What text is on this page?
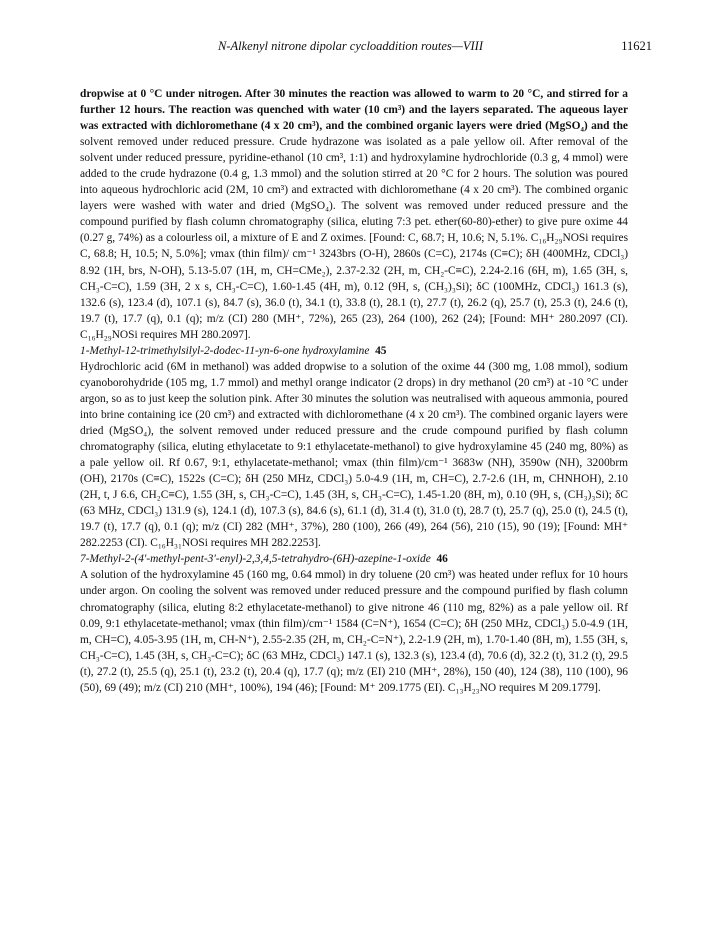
N-Alkenyl nitrone dipolar cycloaddition routes—VIII	11621

dropwise at 0 °C under nitrogen. After 30 minutes the reaction was allowed to warm to 20 °C, and stirred for a further 12 hours. The reaction was quenched with water (10 cm³) and the layers separated. The aqueous layer was extracted with dichloromethane (4 x 20 cm³), and the combined organic layers were dried (MgSO₄) and the solvent removed under reduced pressure. Crude hydrazone was isolated as a pale yellow oil. After removal of the solvent under reduced pressure, pyridine-ethanol (10 cm³, 1:1) and hydroxylamine hydrochloride (0.3 g, 4 mmol) were added to the crude hydrazone (0.4 g, 1.3 mmol) and the solution stirred at 20 °C for 2 hours. The solution was poured into aqueous hydrochloric acid (2M, 10 cm³) and extracted with dichloromethane (4 x 20 cm³). The combined organic layers were washed with water and dried (MgSO₄). The solvent was removed under reduced pressure and the compound purified by flash column chromatography (silica, eluting 7:3 pet. ether(60-80)-ether) to give pure oxime 44 (0.27 g, 74%) as a colourless oil, a mixture of E and Z oximes. [Found: C, 68.7; H, 10.6; N, 5.1%. C₁₆H₂₉NOSi requires C, 68.8; H, 10.5; N, 5.0%]; νmax (thin film)/ cm⁻¹ 3243brs (O-H), 2860s (C=C), 2174s (C≡C); δH (400MHz, CDCl₃) 8.92 (1H, brs, N-OH), 5.13-5.07 (1H, m, CH=CMe₂), 2.37-2.32 (2H, m, CH₂-C≡C), 2.24-2.16 (6H, m), 1.65 (3H, s, CH₃-C=C), 1.59 (3H, 2 x s, CH₃-C=C), 1.60-1.45 (4H, m), 0.12 (9H, s, (CH₃)₃Si); δC (100MHz, CDCl₃) 161.3 (s), 132.6 (s), 123.4 (d), 107.1 (s), 84.7 (s), 36.0 (t), 34.1 (t), 33.8 (t), 28.1 (t), 27.7 (t), 26.2 (q), 25.7 (t), 25.3 (t), 24.6 (t), 19.7 (t), 17.7 (q), 0.1 (q); m/z (CI) 280 (MH⁺, 72%), 265 (23), 264 (100), 262 (24); [Found: MH⁺ 280.2097 (CI). C₁₆H₂₉NOSi requires MH 280.2097].

1-Methyl-12-trimethylsilyl-2-dodec-11-yn-6-one hydroxylamine 45

Hydrochloric acid (6M in methanol) was added dropwise to a solution of the oxime 44 (300 mg, 1.08 mmol), sodium cyanoborohydride (105 mg, 1.7 mmol) and methyl orange indicator (2 drops) in dry methanol (20 cm³) at -10 °C under argon, so as to just keep the solution pink. After 30 minutes the solution was neutralised with aqueous ammonia, poured into brine containing ice (20 cm³) and extracted with dichloromethane (4 x 20 cm³). The combined organic layers were dried (MgSO₄), the solvent removed under reduced pressure and the crude compound purified by flash column chromatography (silica, eluting ethylacetate to 9:1 ethylacetate-methanol) to give hydroxylamine 45 (240 mg, 80%) as a pale yellow oil. Rf 0.67, 9:1, ethylacetate-methanol; νmax (thin film)/cm⁻¹ 3683w (NH), 3590w (NH), 3200brm (OH), 2170s (C≡C), 1522s (C=C); δH (250 MHz, CDCl₃) 5.0-4.9 (1H, m, CH=C), 2.7-2.6 (1H, m, CHNHOH), 2.10 (2H, t, J 6.6, CH₂C≡C), 1.55 (3H, s, CH₃-C=C), 1.45 (3H, s, CH₃-C=C), 1.45-1.20 (8H, m), 0.10 (9H, s, (CH₃)₃Si); δC (63 MHz, CDCl₃) 131.9 (s), 124.1 (d), 107.3 (s), 84.6 (s), 61.1 (d), 31.4 (t), 31.0 (t), 28.7 (t), 25.7 (q), 25.0 (t), 24.5 (t), 19.7 (t), 17.7 (q), 0.1 (q); m/z (CI) 282 (MH⁺, 37%), 280 (100), 266 (49), 264 (56), 210 (15), 90 (19); [Found: MH⁺ 282.2253 (CI). C₁₆H₃₁NOSi requires MH 282.2253].

7-Methyl-2-(4'-methyl-pent-3'-enyl)-2,3,4,5-tetrahydro-(6H)-azepine-1-oxide 46

A solution of the hydroxylamine 45 (160 mg, 0.64 mmol) in dry toluene (20 cm³) was heated under reflux for 10 hours under argon. On cooling the solvent was removed under reduced pressure and the compound purified by flash column chromatography (silica, eluting 8:2 ethylacetate-methanol) to give nitrone 46 (110 mg, 82%) as a pale yellow oil. Rf 0.09, 9:1 ethylacetate-methanol; νmax (thin film)/cm⁻¹ 1584 (C=N⁺), 1654 (C=C); δH (250 MHz, CDCl₃) 5.0-4.9 (1H, m, CH=C), 4.05-3.95 (1H, m, CH-N⁺), 2.55-2.35 (2H, m, CH₂-C=N⁺), 2.2-1.9 (2H, m), 1.70-1.40 (8H, m), 1.55 (3H, s, CH₃-C=C), 1.45 (3H, s, CH₃-C=C); δC (63 MHz, CDCl₃) 147.1 (s), 132.3 (s), 123.4 (d), 70.6 (d), 32.2 (t), 31.2 (t), 29.5 (t), 27.2 (t), 25.5 (q), 25.1 (t), 23.2 (t), 20.4 (q), 17.7 (q); m/z (EI) 210 (MH⁺, 28%), 150 (40), 124 (38), 110 (100), 96 (50), 69 (49); m/z (CI) 210 (MH⁺, 100%), 194 (46); [Found: M⁺ 209.1775 (EI). C₁₃H₂₃NO requires M 209.1779].
